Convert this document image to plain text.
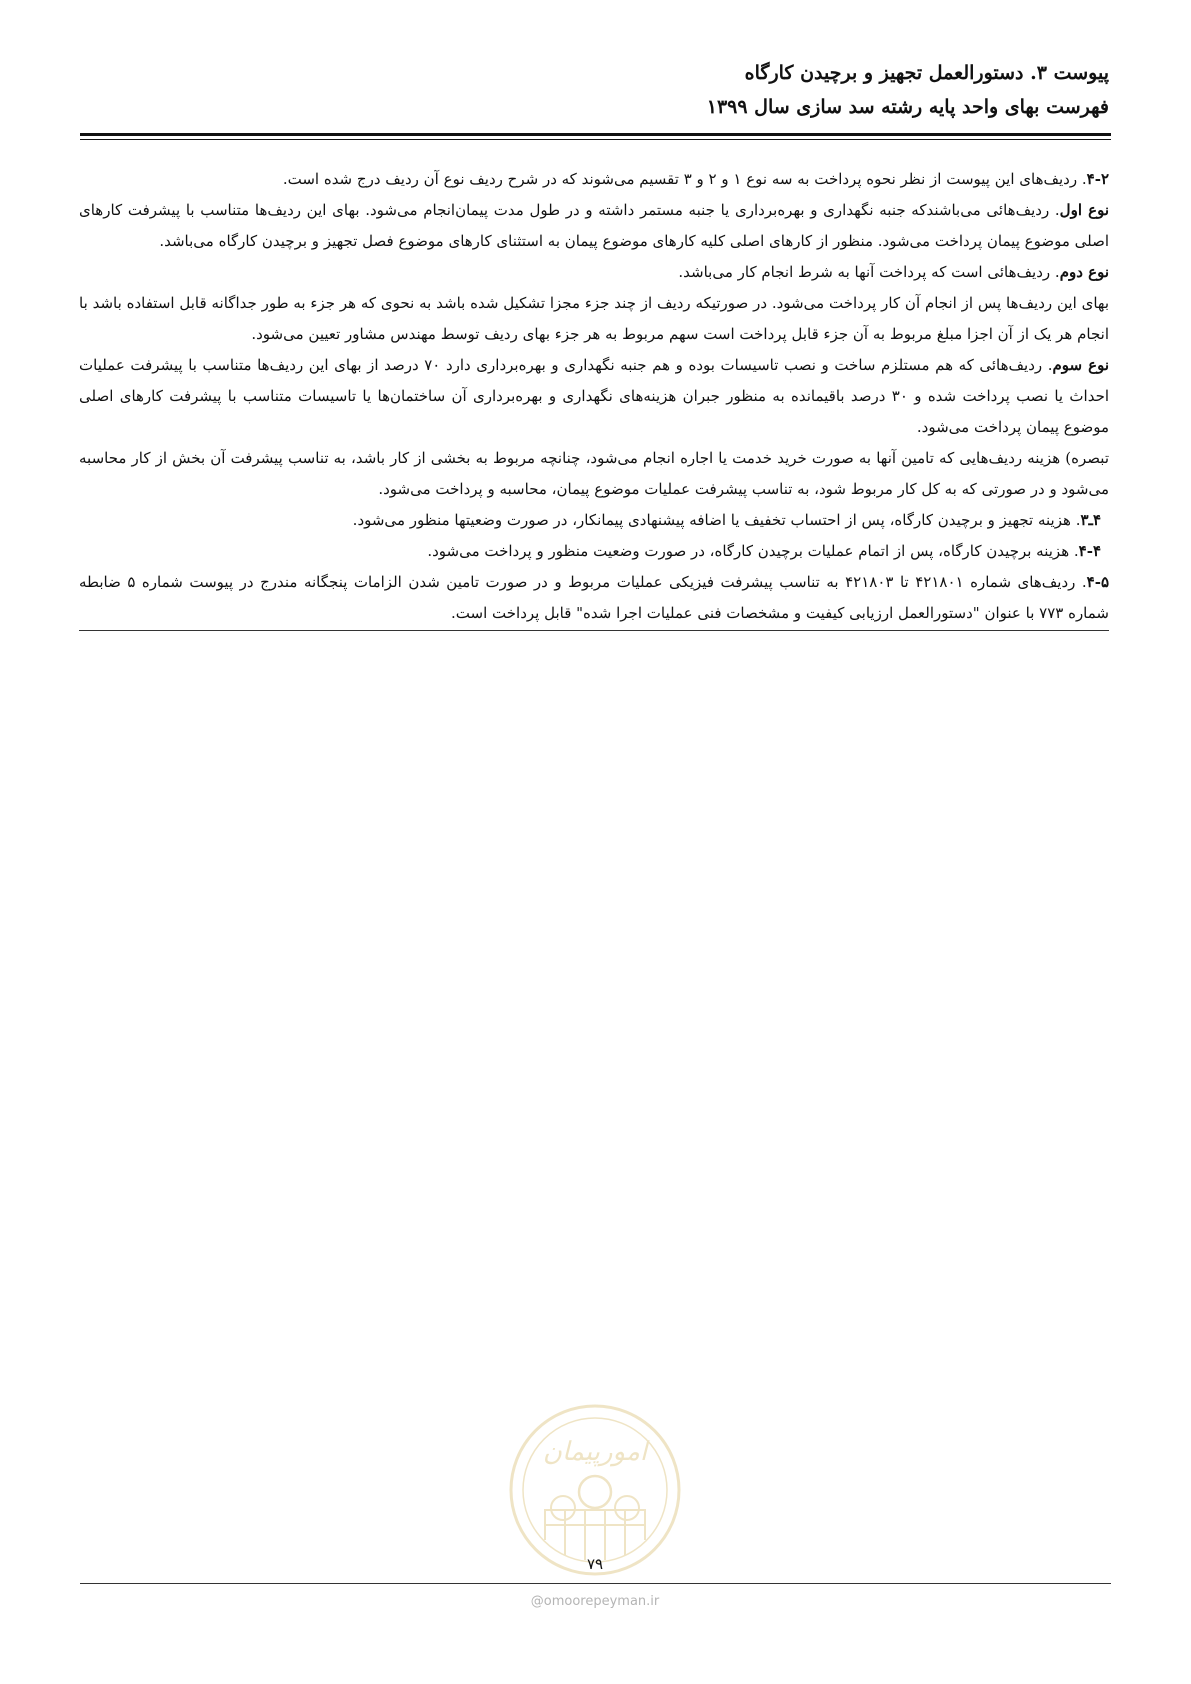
پیوست ۳. دستورالعمل تجهیز و برچیدن کارگاه
فهرست بهای واحد پایه رشته سد سازی سال ۱۳۹۹

۴-۲. ردیف‌های این پیوست از نظر نحوه پرداخت به سه نوع ۱ و ۲ و ۳ تقسیم می‌شوند که در شرح ردیف نوع آن ردیف درج شده است.

نوع اول. ردیف‌هائی می‌باشندکه جنبه نگهداری و بهره‌برداری یا جنبه مستمر داشته و در طول مدت پیمان‌انجام می‌شود. بهای این ردیف‌ها متناسب با پیشرفت کارهای اصلی موضوع پیمان پرداخت می‌شود. منظور از کارهای اصلی کلیه کارهای موضوع پیمان به استثنای کارهای موضوع فصل تجهیز و برچیدن کارگاه می‌باشد.

نوع دوم. ردیف‌هائی است که پرداخت آنها به شرط انجام کار می‌باشد.

بهای این ردیف‌ها پس از انجام آن کار پرداخت می‌شود. در صورتیکه ردیف از چند جزء مجزا تشکیل شده باشد به نحوی که هر جزء به طور جداگانه قابل استفاده باشد با انجام هر یک از آن اجزا مبلغ مربوط به آن جزء قابل پرداخت است سهم مربوط به هر جزء بهای ردیف توسط مهندس مشاور تعیین می‌شود.

نوع سوم. ردیف‌هائی که هم مستلزم ساخت و نصب تاسیسات بوده و هم جنبه نگهداری و بهره‌برداری دارد ۷۰ درصد از بهای این ردیف‌ها متناسب با پیشرفت عملیات احداث یا نصب پرداخت شده و ۳۰ درصد باقیمانده به منظور جبران هزینه‌های نگهداری و بهره‌برداری آن ساختمان‌ها یا تاسیسات متناسب با پیشرفت کارهای اصلی موضوع پیمان پرداخت می‌شود.

تبصره) هزینه ردیف‌هایی که تامین آنها به صورت خرید خدمت یا اجاره انجام می‌شود، چنانچه مربوط به بخشی از کار باشد، به تناسب پیشرفت آن بخش از کار محاسبه می‌شود و در صورتی که به کل کار مربوط شود، به تناسب پیشرفت عملیات موضوع پیمان، محاسبه و پرداخت می‌شود.

۴ـ۳. هزینه تجهیز و برچیدن کارگاه، پس از احتساب تخفیف یا اضافه پیشنهادی پیمانکار، در صورت وضعیتها منظور می‌شود.

۴-۴. هزینه برچیدن کارگاه، پس از اتمام عملیات برچیدن کارگاه، در صورت وضعیت منظور و پرداخت می‌شود.

۴-۵. ردیف‌های شماره ۴۲۱۸۰۱ تا ۴۲۱۸۰۳ به تناسب پیشرفت فیزیکی عملیات مربوط و در صورت تامین شدن الزامات پنجگانه مندرج در پیوست شماره ۵ ضابطه شماره ۷۷۳ با عنوان "دستورالعمل ارزیابی کیفیت و مشخصات فنی عملیات اجرا شده" قابل پرداخت است.

امورپیمان
۷۹
@omoorepeyman.ir
